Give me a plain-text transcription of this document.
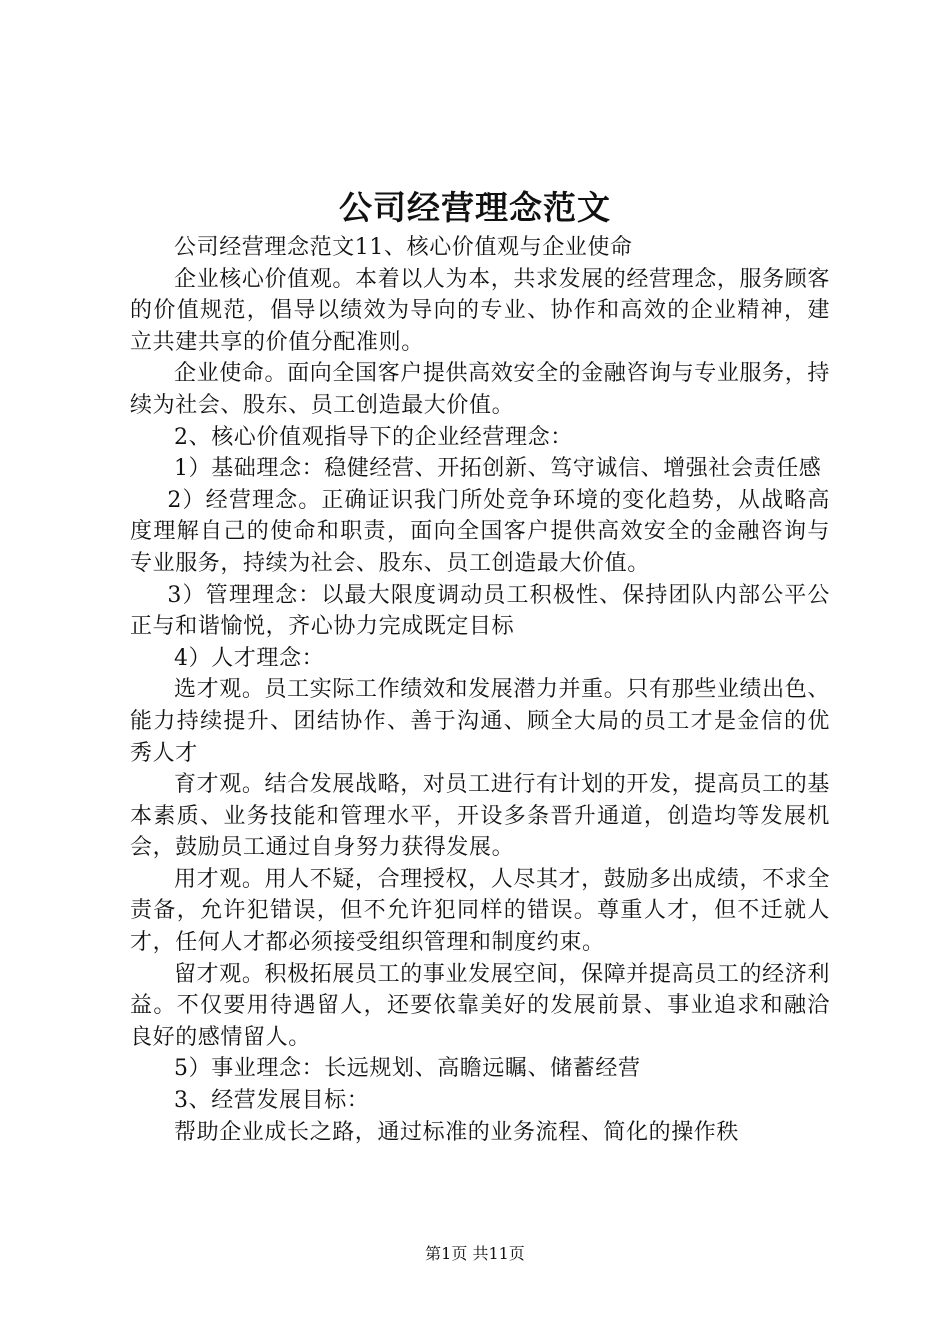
公司经营理念范文

公司经营理念范文11、核心价值观与企业使命

企业核心价值观。本着以人为本，共求发展的经营理念，服务顾客的价值规范，倡导以绩效为导向的专业、协作和高效的企业精神，建立共建共享的价值分配准则。

企业使命。面向全国客户提供高效安全的金融咨询与专业服务，持续为社会、股东、员工创造最大价值。

2、核心价值观指导下的企业经营理念：

1）基础理念：稳健经营、开拓创新、笃守诚信、增强社会责任感

2）经营理念。正确证识我门所处竞争环境的变化趋势，从战略高度理解自己的使命和职责，面向全国客户提供高效安全的金融咨询与专业服务，持续为社会、股东、员工创造最大价值。

3）管理理念：以最大限度调动员工积极性、保持团队内部公平公正与和谐愉悦，齐心协力完成既定目标

4）人才理念：

选才观。员工实际工作绩效和发展潜力并重。只有那些业绩出色、能力持续提升、团结协作、善于沟通、顾全大局的员工才是金信的优秀人才

育才观。结合发展战略，对员工进行有计划的开发，提高员工的基本素质、业务技能和管理水平，开设多条晋升通道，创造均等发展机会，鼓励员工通过自身努力获得发展。

用才观。用人不疑，合理授权，人尽其才，鼓励多出成绩，不求全责备，允许犯错误，但不允许犯同样的错误。尊重人才，但不迁就人才，任何人才都必须接受组织管理和制度约束。

留才观。积极拓展员工的事业发展空间，保障并提高员工的经济利益。不仅要用待遇留人，还要依靠美好的发展前景、事业追求和融洽良好的感情留人。

5）事业理念：长远规划、高瞻远瞩、储蓄经营

3、经营发展目标：

帮助企业成长之路，通过标准的业务流程、简化的操作秩

第1页 共11页
